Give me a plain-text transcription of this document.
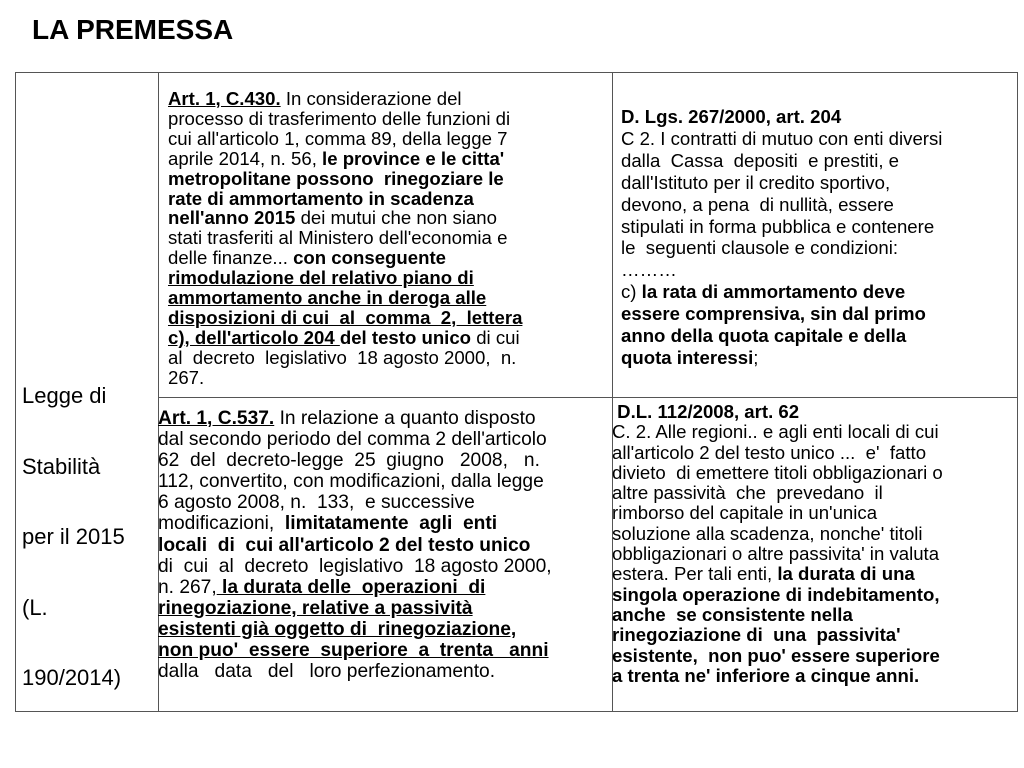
LA PREMESSA

Legge di

Stabilità

per il 2015

(L.

190/2014)

Art. 1, C.430. In considerazione del
processo di trasferimento delle funzioni di
cui all'articolo 1, comma 89, della legge 7
aprile 2014, n. 56, le province e le citta'
metropolitane possono  rinegoziare le
rate di ammortamento in scadenza
nell'anno 2015 dei mutui che non siano
stati trasferiti al Ministero dell'economia e
delle finanze... con conseguente
rimodulazione del relativo piano di
ammortamento anche in deroga alle
disposizioni di cui  al  comma  2,  lettera
c), dell'articolo 204 del testo unico di cui
al  decreto  legislativo  18 agosto 2000,  n.
267.
Art. 1, C.537. In relazione a quanto disposto
dal secondo periodo del comma 2 dell'articolo
62  del  decreto-legge  25  giugno   2008,   n.
112, convertito, con modificazioni, dalla legge
6 agosto 2008, n.  133,  e successive
modificazioni,  limitatamente  agli  enti
locali  di  cui all'articolo 2 del testo unico
di  cui  al  decreto  legislativo  18 agosto 2000,
n. 267, la durata delle  operazioni  di
rinegoziazione, relative a passività
esistenti già oggetto di  rinegoziazione,
non puo'  essere  superiore  a  trenta   anni
dalla   data   del   loro perfezionamento.
D. Lgs. 267/2000, art. 204
C 2. I contratti di mutuo con enti diversi
dalla  Cassa  depositi  e prestiti, e
dall'Istituto per il credito sportivo,
devono, a pena  di nullità, essere
stipulati in forma pubblica e contenere
le  seguenti clausole e condizioni:
………
c) la rata di ammortamento deve
essere comprensiva, sin dal primo
anno della quota capitale e della
quota interessi;
D.L. 112/2008, art. 62
C. 2. Alle regioni.. e agli enti locali di cui
all'articolo 2 del testo unico ...  e'  fatto
divieto  di emettere titoli obbligazionari o
altre passività  che  prevedano  il
rimborso del capitale in un'unica
soluzione alla scadenza, nonche' titoli
obbligazionari o altre passivita' in valuta
estera. Per tali enti, la durata di una
singola operazione di indebitamento,
anche  se consistente nella
rinegoziazione di  una  passivita'
esistente,  non puo' essere superiore
a trenta ne' inferiore a cinque anni.
